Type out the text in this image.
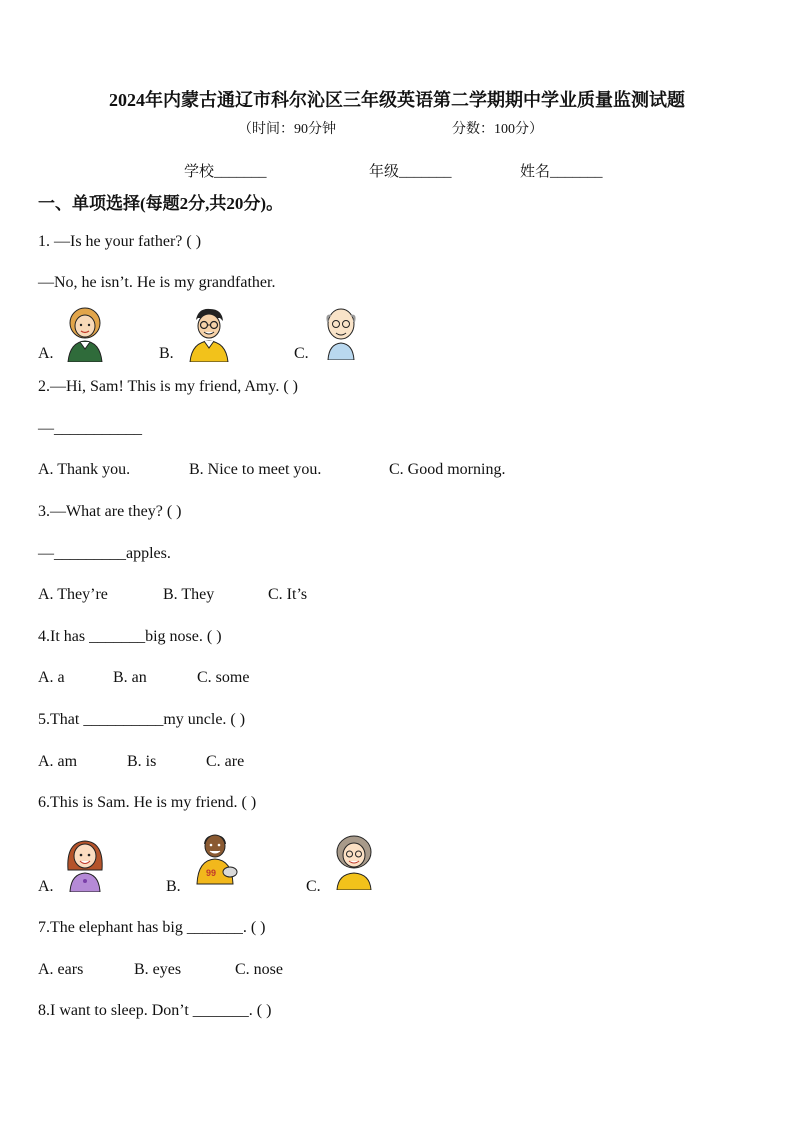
2024年内蒙古通辽市科尔沁区三年级英语第二学期期中学业质量监测试题
（时间：90分钟	分数：100分）
学校_______	年级_______	姓名_______
一、单项选择(每题2分,共20分)。
1. —Is he your father? ( )
—No, he isn’t. He is my grandfather.
A.	B.	C.
2.—Hi, Sam! This is my friend, Amy. ( )
—___________
A. Thank you.	B. Nice to meet you.	C. Good morning.
3.—What are they? ( )
—_________apples.
A. They’re	B. They	C. It’s
4.It has _______big nose. ( )
A. a	B. an	C. some
5.That __________my uncle. ( )
A. am	B. is	C. are
6.This is Sam. He is my friend. ( )
A.	B.
99
C.
7.The elephant has big _______. ( )
A. ears	B. eyes	C. nose
8.I want to sleep. Don’t _______. ( )
